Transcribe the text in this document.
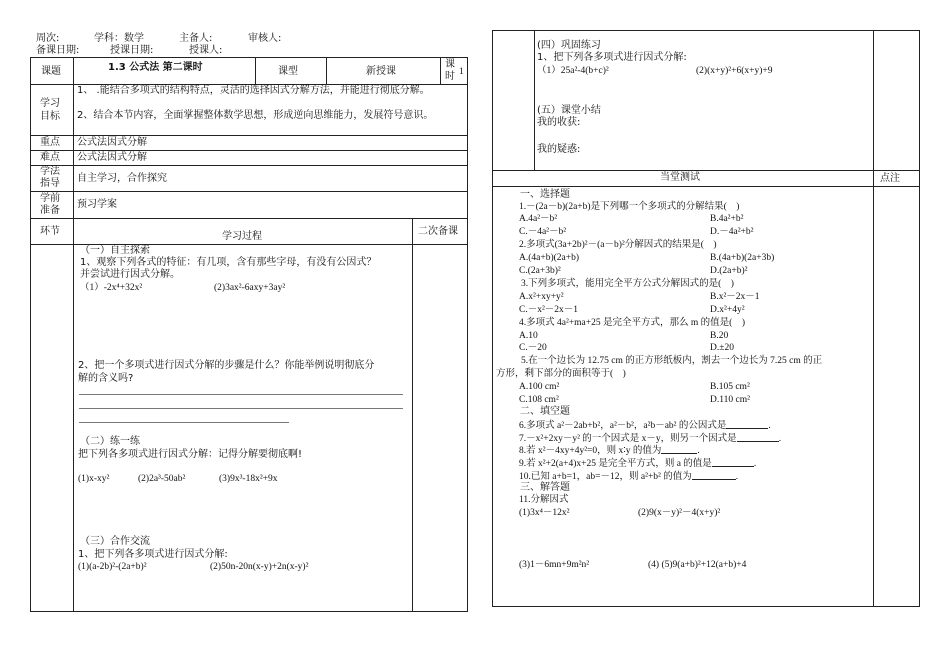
周次:	学科：数学	主备人:	审核人:
备课日期:	授课日期:	授课人:
课题	1.3 公式法 第二课时	课型	新授课
课时 1
学习目标
1、 .能结合多项式的结构特点，灵活的选择因式分解方法，并能进行彻底分解。
2、结合本节内容，全面掌握整体数学思想，形成逆向思维能力，发展符号意识。
重点 公式法因式分解
难点 公式法因式分解
学法指导	自主学习，合作探究
学前准备
预习学案
环节	学习过程	二次备课
（一）自主探索
1、观察下列各式的特征：有几项，含有那些字母，有没有公因式？
并尝试进行因式分解。
（1）-2x⁴+32x²	(2)3ax²-6axy+3ay²
2、把一个多项式进行因式分解的步骤是什么？你能举例说明彻底分
解的含义吗?
（二）练一练
把下列各多项式进行因式分解：记得分解要彻底啊!
(1)x-xy²	(2)2a³-50ab²	(3)9x³-18x²+9x
（三）合作交流
1、把下列各多项式进行因式分解:
(1)(a-2b)²-(2a+b)²	(2)50n-20n(x-y)+2n(x-y)²
(四）巩固练习
1、把下列各多项式进行因式分解:
（1）25a²-4(b+c)²	(2)(x+y)²+6(x+y)+9
(五）课堂小结
我的收获:
我的疑惑:
当堂测试	点注
一、选择题
1.－(2a－b)(2a+b)是下列哪一个多项式的分解结果(　)
A.4a²－b²	B.4a²+b²
C.－4a²－b²	D.－4a²+b²
2.多项式(3a+2b)²－(a－b)²分解因式的结果是(　)
A.(4a+b)(2a+b)	B.(4a+b)(2a+3b)
C.(2a+3b)²	D.(2a+b)²
3.下列多项式，能用完全平方公式分解因式的是(　)
A.x²+xy+y²	B.x²－2x－1
C.－x²－2x－1	D.x²+4y²
4.多项式 4a²+ma+25 是完全平方式，那么 m 的值是(　)
A.10	B.20
C.－20	D.±20
5.在一个边长为 12.75 cm 的正方形纸板内，割去一个边长为 7.25 cm 的正
方形，剩下部分的面积等于(　)
A.100 cm²	B.105 cm²
C.108 cm²	D.110 cm²
二、填空题
6.多项式 a²－2ab+b²，a²－b²，a²b－ab² 的公因式是	.
7.－x²+2xy－y² 的一个因式是 x－y，则另一个因式是	.
8.若 x²－4xy+4y²=0，则 x∶y 的值为	.
9.若 x²+2(a+4)x+25 是完全平方式，则 a 的值是	.
10.已知 a+b=1，ab=－12，则 a²+b² 的值为	.
三、解答题
11.分解因式
(1)3x⁴－12x²	(2)9(x－y)²－4(x+y)²
(3)1－6mn+9m²n²	(4) (5)9(a+b)²+12(a+b)+4
